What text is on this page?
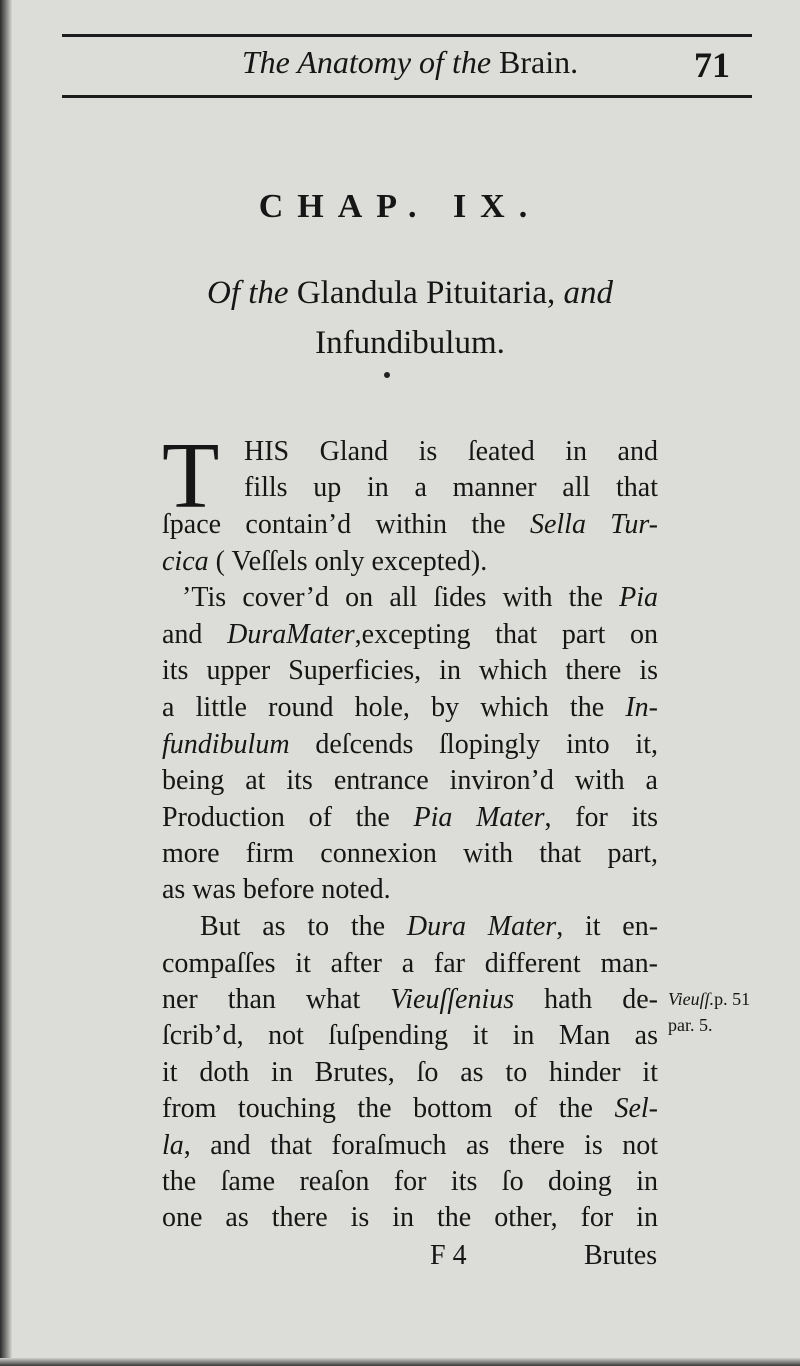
The Anatomy of the Brain.	71
CHAP. IX.
Of the Glandula Pituitaria, and
Infundibulum.
T HIS Gland is ſeated in and
fills up in a manner all that
ſpace contain’d within the Sella Tur-
cica ( Veſſels only excepted).
’Tis cover’d on all ſides with the Pia
and DuraMater,excepting that part on
its upper Superficies, in which there is
a little round hole, by which the In-
fundibulum deſcends ſlopingly into it,
being at its entrance inviron’d with a
Production of the Pia Mater, for its
more firm connexion with that part,
as was before noted.
But as to the Dura Mater, it en-
compaſſes it after a far different man-
ner than what Vieuſſenius hath de-
ſcrib’d, not ſuſpending it in Man as
it doth in Brutes, ſo as to hinder it
from touching the bottom of the Sel-
la, and that foraſmuch as there is not
the ſame reaſon for its ſo doing in
one as there is in the other, for in
F 4	Brutes
Vieuſſ.p. 51
par. 5.
